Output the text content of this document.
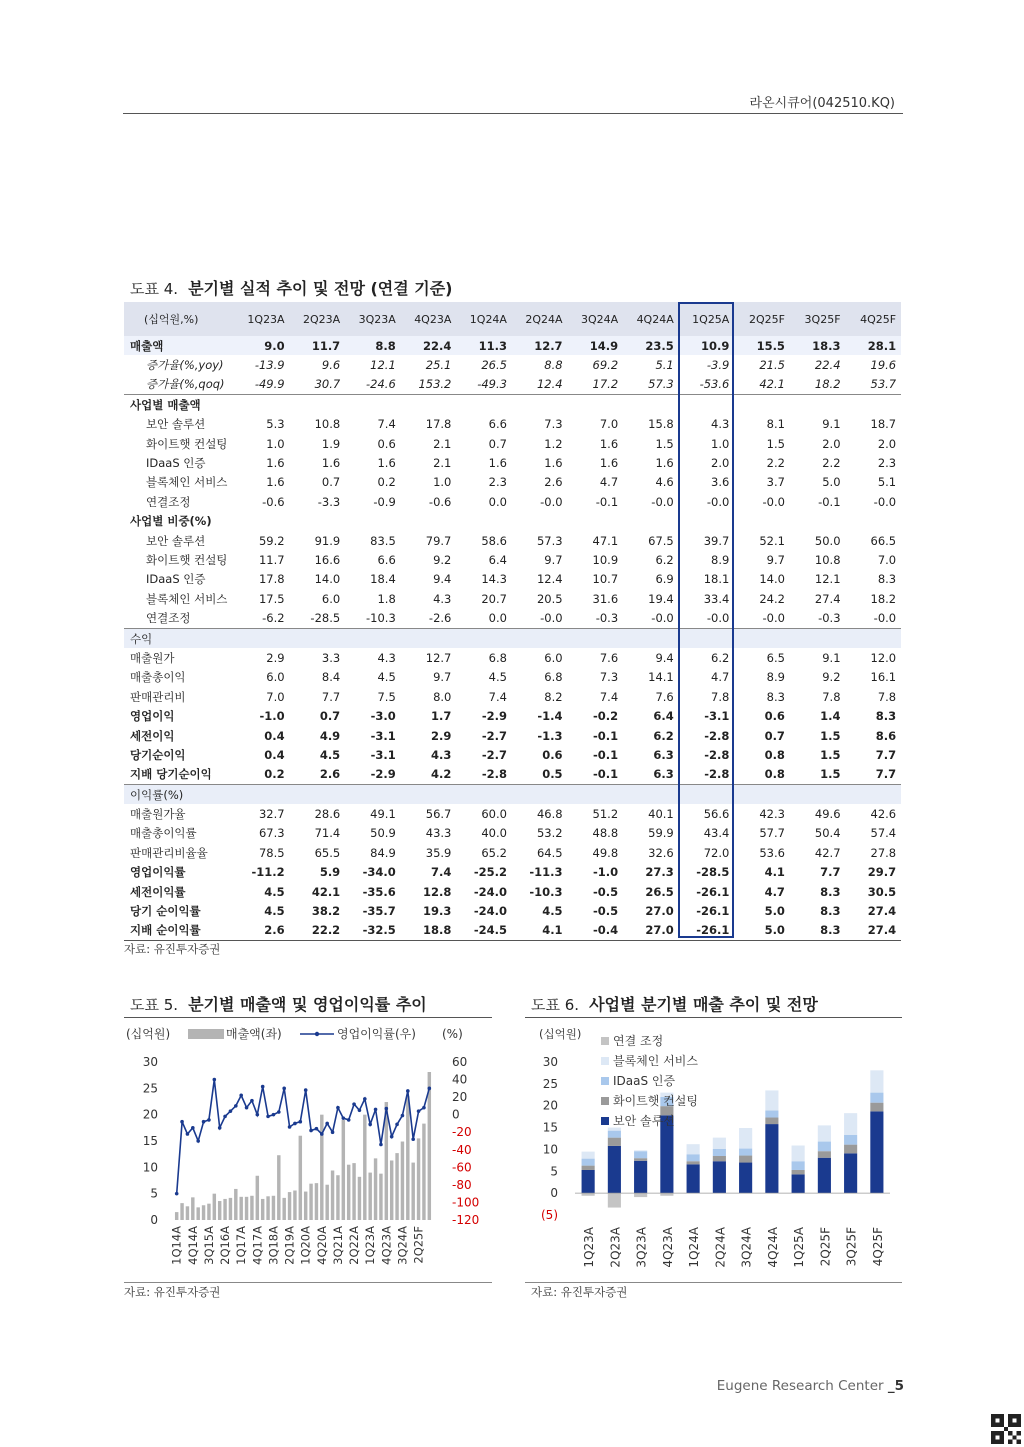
라온시큐어(042510.KQ)
도표 4. 분기별 실적 추이 및 전망 (연결 기준)
(십억원,%)	1Q23A	2Q23A	3Q23A	4Q23A	1Q24A	2Q24A	3Q24A	4Q24A	1Q25A	2Q25F	3Q25F	4Q25F
매출액	9.0	11.7	8.8	22.4	11.3	12.7	14.9	23.5	10.9	15.5	18.3	28.1
증가율(%,yoy)	-13.9	9.6	12.1	25.1	26.5	8.8	69.2	5.1	-3.9	21.5	22.4	19.6
증가율(%,qoq)	-49.9	30.7	-24.6	153.2	-49.3	12.4	17.2	57.3	-53.6	42.1	18.2	53.7
사업별 매출액												
보안 솔루션	5.3	10.8	7.4	17.8	6.6	7.3	7.0	15.8	4.3	8.1	9.1	18.7
화이트햇 컨설팅	1.0	1.9	0.6	2.1	0.7	1.2	1.6	1.5	1.0	1.5	2.0	2.0
IDaaS 인증	1.6	1.6	1.6	2.1	1.6	1.6	1.6	1.6	2.0	2.2	2.2	2.3
블록체인 서비스	1.6	0.7	0.2	1.0	2.3	2.6	4.7	4.6	3.6	3.7	5.0	5.1
연결조정	-0.6	-3.3	-0.9	-0.6	0.0	-0.0	-0.1	-0.0	-0.0	-0.0	-0.1	-0.0
사업별 비중(%)												
보안 솔루션	59.2	91.9	83.5	79.7	58.6	57.3	47.1	67.5	39.7	52.1	50.0	66.5
화이트햇 컨설팅	11.7	16.6	6.6	9.2	6.4	9.7	10.9	6.2	8.9	9.7	10.8	7.0
IDaaS 인증	17.8	14.0	18.4	9.4	14.3	12.4	10.7	6.9	18.1	14.0	12.1	8.3
블록체인 서비스	17.5	6.0	1.8	4.3	20.7	20.5	31.6	19.4	33.4	24.2	27.4	18.2
연결조정	-6.2	-28.5	-10.3	-2.6	0.0	-0.0	-0.3	-0.0	-0.0	-0.0	-0.3	-0.0
수익												
매출원가	2.9	3.3	4.3	12.7	6.8	6.0	7.6	9.4	6.2	6.5	9.1	12.0
매출총이익	6.0	8.4	4.5	9.7	4.5	6.8	7.3	14.1	4.7	8.9	9.2	16.1
판매관리비	7.0	7.7	7.5	8.0	7.4	8.2	7.4	7.6	7.8	8.3	7.8	7.8
영업이익	-1.0	0.7	-3.0	1.7	-2.9	-1.4	-0.2	6.4	-3.1	0.6	1.4	8.3
세전이익	0.4	4.9	-3.1	2.9	-2.7	-1.3	-0.1	6.2	-2.8	0.7	1.5	8.6
당기순이익	0.4	4.5	-3.1	4.3	-2.7	0.6	-0.1	6.3	-2.8	0.8	1.5	7.7
지배 당기순이익	0.2	2.6	-2.9	4.2	-2.8	0.5	-0.1	6.3	-2.8	0.8	1.5	7.7
이익률(%)												
매출원가율	32.7	28.6	49.1	56.7	60.0	46.8	51.2	40.1	56.6	42.3	49.6	42.6
매출총이익률	67.3	71.4	50.9	43.3	40.0	53.2	48.8	59.9	43.4	57.7	50.4	57.4
판매관리비율율	78.5	65.5	84.9	35.9	65.2	64.5	49.8	32.6	72.0	53.6	42.7	27.8
영업이익률	-11.2	5.9	-34.0	7.4	-25.2	-11.3	-1.0	27.3	-28.5	4.1	7.7	29.7
세전이익률	4.5	42.1	-35.6	12.8	-24.0	-10.3	-0.5	26.5	-26.1	4.7	8.3	30.5
당기 순이익률	4.5	38.2	-35.7	19.3	-24.0	4.5	-0.5	27.0	-26.1	5.0	8.3	27.4
지배 순이익률	2.6	22.2	-32.5	18.8	-24.5	4.1	-0.4	27.0	-26.1	5.0	8.3	27.4
자료: 유진투자증권
도표 5. 분기별 매출액 및 영업이익률 추이
(십억원)	(%)
0
5
10
15
20
25
30
-120
-100
-80
-60
-40
-20
0
20
40
60
매출액(좌)	영업이익률(우)
1Q14A 4Q14A 3Q15A 2Q16A 1Q17A 4Q17A 3Q18A 2Q19A 1Q20A 4Q20A 3Q21A 2Q22A 1Q23A 4Q23A 3Q24A 2Q25F
자료: 유진투자증권
도표 6. 사업별 분기별 매출 추이 및 전망
(십억원)
(5)
0
5
10
15
20
25
30
1Q23A 2Q23A 3Q23A 4Q23A 1Q24A 2Q24A 3Q24A 4Q24A 1Q25A 2Q25F 3Q25F 4Q25F
연결 조정
블록체인 서비스
IDaaS 인증
화이트햇 컨설팅
보안 솔루션
자료: 유진투자증권
Eugene Research Center _5
